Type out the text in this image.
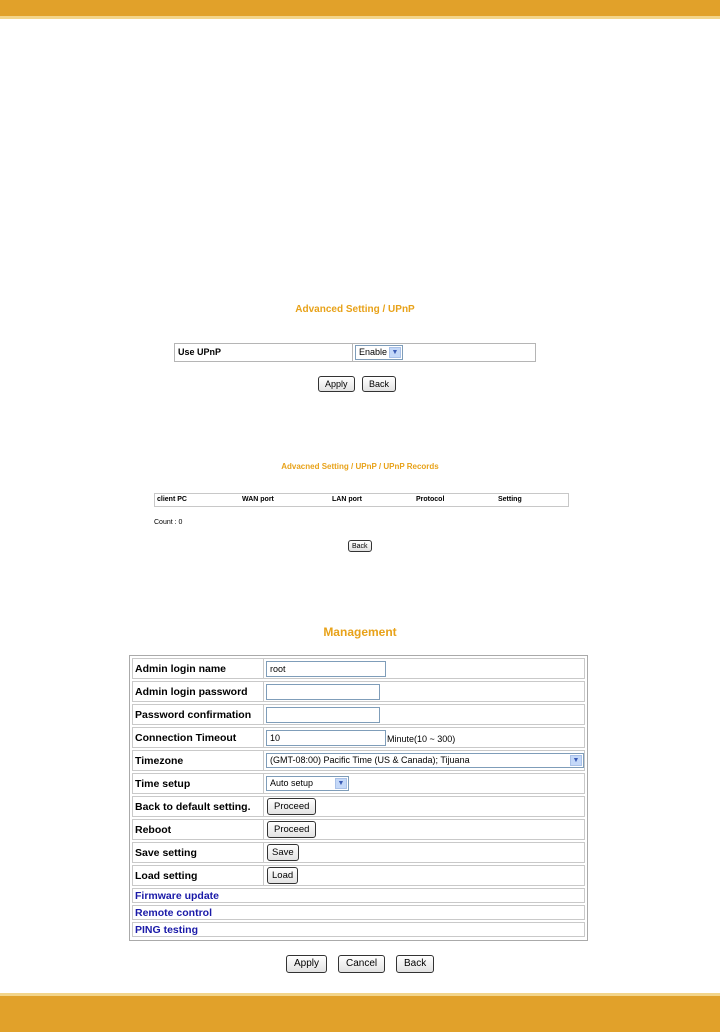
Advanced Setting / UPnP
Use UPnP	Enable ▼
Apply	Back
Advacned Setting / UPnP / UPnP Records
client PC	WAN port	LAN port	Protocol	Setting
Count : 0
Back
Management
Admin login name	root
Admin login password
Password confirmation
Connection Timeout	10	Minute(10 ~ 300)
Timezone	(GMT-08:00) Pacific Time (US & Canada); Tijuana	▼
Time setup	Auto setup	▼
Back to default setting.	Proceed
Reboot	Proceed
Save setting	Save
Load setting	Load
Firmware update
Remote control
PING testing
Apply	Cancel	Back
